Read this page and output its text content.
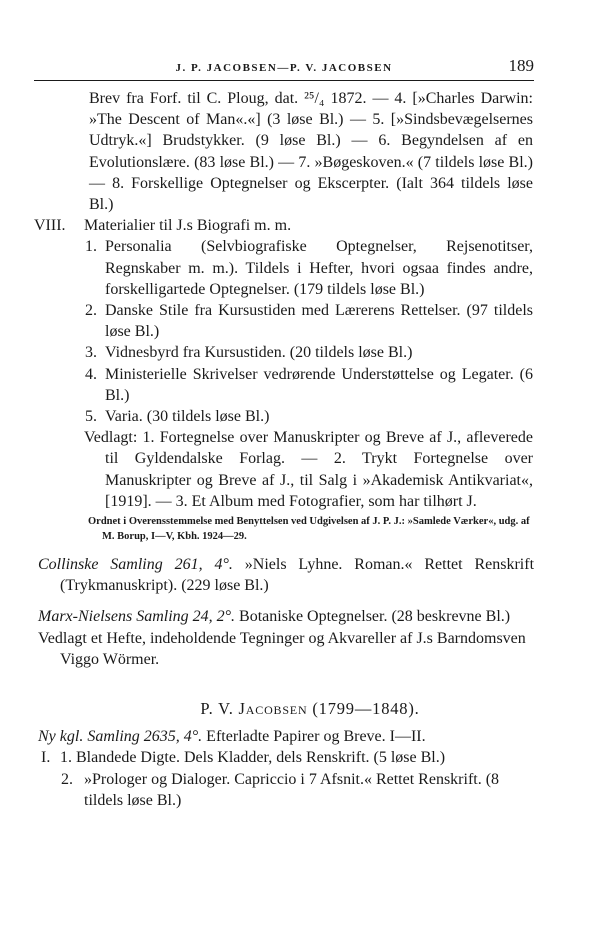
J. P. JACOBSEN—P. V. JACOBSEN	189

Brev fra Forf. til C. Ploug, dat. ²⁵/₄ 1872. — 4. [»Charles Darwin: »The Descent of Man«.«] (3 løse Bl.) — 5. [»Sindsbevægelsernes Udtryk.«] Brudstykker. (9 løse Bl.) — 6. Begyndelsen af en Evolutionslære. (83 løse Bl.) — 7. »Bøgeskoven.« (7 tildels løse Bl.) — 8. Forskellige Optegnelser og Ekscerpter. (Ialt 364 tildels løse Bl.)

VIII. Materialier til J.s Biografi m. m.
1. Personalia (Selvbiografiske Optegnelser, Rejsenotitser, Regnskaber m. m.). Tildels i Hefter, hvori ogsaa findes andre, forskelligartede Optegnelser. (179 tildels løse Bl.)
2. Danske Stile fra Kursustiden med Lærerens Rettelser. (97 tildels løse Bl.)
3. Vidnesbyrd fra Kursustiden. (20 tildels løse Bl.)
4. Ministerielle Skrivelser vedrørende Understøttelse og Legater. (6 Bl.)
5. Varia. (30 tildels løse Bl.)

Vedlagt: 1. Fortegnelse over Manuskripter og Breve af J., afleverede til Gyldendalske Forlag. — 2. Trykt Fortegnelse over Manuskripter og Breve af J., til Salg i »Akademisk Antikvariat«, [1919]. — 3. Et Album med Fotografier, som har tilhørt J.

Ordnet i Overensstemmelse med Benyttelsen ved Udgivelsen af J. P. J.: »Samlede Værker«, udg. af M. Borup, I—V, Kbh. 1924—29.

Collinske Samling 261, 4°. »Niels Lyhne. Roman.« Rettet Renskrift (Trykmanuskript). (229 løse Bl.)

Marx-Nielsens Samling 24, 2°. Botaniske Optegnelser. (28 beskrevne Bl.)

Vedlagt et Hefte, indeholdende Tegninger og Akvareller af J.s Barndomsven Viggo Wörmer.

P. V. Jacobsen (1799—1848).

Ny kgl. Samling 2635, 4°. Efterladte Papirer og Breve. I—II.

I. 1. Blandede Digte. Dels Kladder, dels Renskrift. (5 løse Bl.)
2. »Prologer og Dialoger. Capriccio i 7 Afsnit.« Rettet Renskrift. (8 tildels løse Bl.)
